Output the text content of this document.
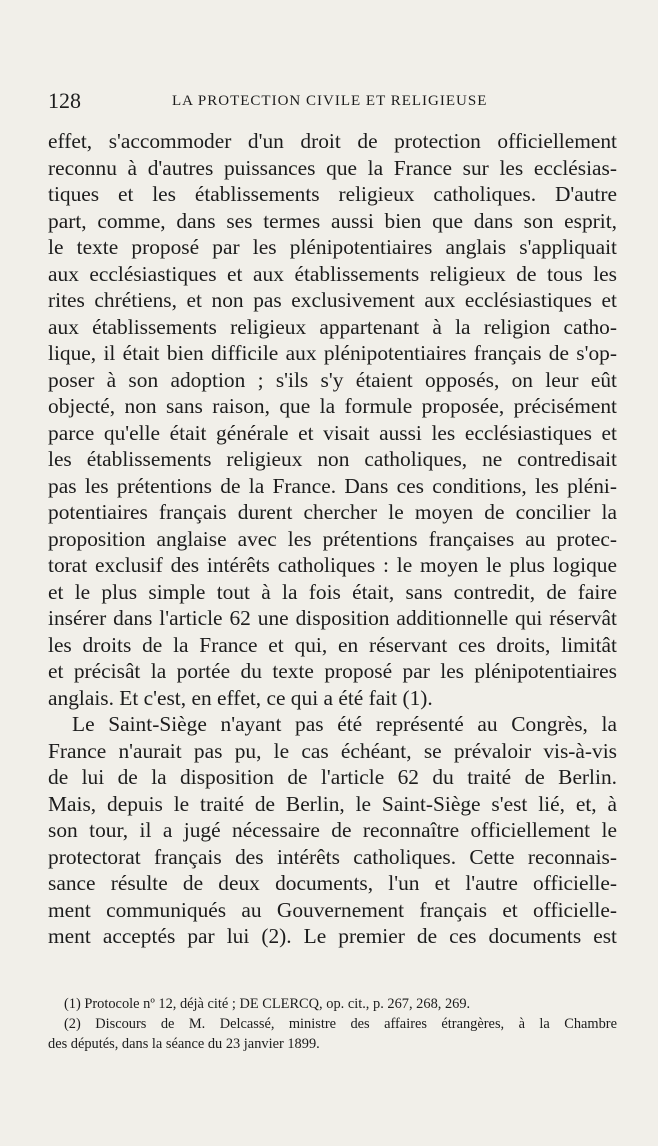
128	LA PROTECTION CIVILE ET RELIGIEUSE
effet, s'accommoder d'un droit de protection officiellement
reconnu à d'autres puissances que la France sur les ecclésias-
tiques et les établissements religieux catholiques. D'autre
part, comme, dans ses termes aussi bien que dans son esprit,
le texte proposé par les plénipotentiaires anglais s'appliquait
aux ecclésiastiques et aux établissements religieux de tous les
rites chrétiens, et non pas exclusivement aux ecclésiastiques et
aux établissements religieux appartenant à la religion catho-
lique, il était bien difficile aux plénipotentiaires français de s'op-
poser à son adoption ; s'ils s'y étaient opposés, on leur eût
objecté, non sans raison, que la formule proposée, précisément
parce qu'elle était générale et visait aussi les ecclésiastiques et
les établissements religieux non catholiques, ne contredisait
pas les prétentions de la France. Dans ces conditions, les pléni-
potentiaires français durent chercher le moyen de concilier la
proposition anglaise avec les prétentions françaises au protec-
torat exclusif des intérêts catholiques : le moyen le plus logique
et le plus simple tout à la fois était, sans contredit, de faire
insérer dans l'article 62 une disposition additionnelle qui réservât
les droits de la France et qui, en réservant ces droits, limitât
et précisât la portée du texte proposé par les plénipotentiaires
anglais. Et c'est, en effet, ce qui a été fait (1).
Le Saint-Siège n'ayant pas été représenté au Congrès, la
France n'aurait pas pu, le cas échéant, se prévaloir vis-à-vis
de lui de la disposition de l'article 62 du traité de Berlin.
Mais, depuis le traité de Berlin, le Saint-Siège s'est lié, et, à
son tour, il a jugé nécessaire de reconnaître officiellement le
protectorat français des intérêts catholiques. Cette reconnais-
sance résulte de deux documents, l'un et l'autre officielle-
ment communiqués au Gouvernement français et officielle-
ment acceptés par lui (2). Le premier de ces documents est
(1) Protocole nº 12, déjà cité ; DE CLERCQ, op. cit., p. 267, 268, 269.
(2) Discours de M. Delcassé, ministre des affaires étrangères, à la Chambre
des députés, dans la séance du 23 janvier 1899.
